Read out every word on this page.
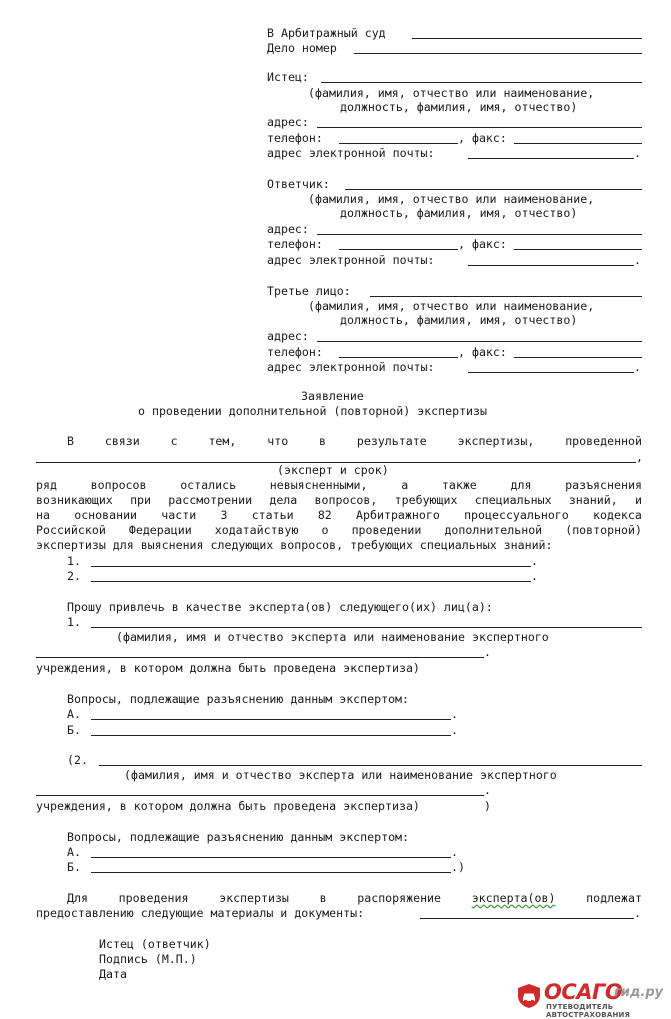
В Арбитражный суд
Дело номер
Истец:
(фамилия, имя, отчество или наименование,
должность, фамилия, имя, отчество)
адрес:
телефон:	, факс:
адрес электронной почты:	.
Ответчик:
(фамилия, имя, отчество или наименование,
должность, фамилия, имя, отчество)
адрес:
телефон:	, факс:
адрес электронной почты:	.
Третье лицо:
(фамилия, имя, отчество или наименование,
должность, фамилия, имя, отчество)
адрес:
телефон:	, факс:
адрес электронной почты:	.
Заявление
о проведении дополнительной (повторной) экспертизы
В	связи	с	тем,	что	в	результате	экспертизы,	проведенной
,
(эксперт и срок)
ряд	вопросов	остались	невыясненными,	а	также	для	разъяснения
возникающих при рассмотрении дела вопросов, требующих специальных знаний, и
на основании части 3 статьи 82 Арбитражного процессуального кодекса
Российской Федерации ходатайствую о проведении дополнительной (повторной)
экспертизы для выяснения следующих вопросов, требующих специальных знаний:
1.	.
2.	.
Прошу привлечь в качестве эксперта(ов) следующего(их) лиц(а):
1.
(фамилия, имя и отчество эксперта или наименование экспертного
.
учреждения, в котором должна быть проведена экспертиза)
Вопросы, подлежащие разъяснению данным экспертом:
А.	.
Б.	.
(2.
(фамилия, имя и отчество эксперта или наименование экспертного
.
учреждения, в котором должна быть проведена экспертиза)	)
Вопросы, подлежащие разъяснению данным экспертом:
А.	.
Б.	.)
Для	проведения	экспертизы	в	распоряжение	эксперта(ов)	подлежат
предоставлению следующие материалы и документы:	.
Истец (ответчик)
Подпись (М.П.)
Дата
ОСАГО
гид.ру
ПУТЕВОДИТЕЛЬ АВТОСТРАХОВАНИЯ
